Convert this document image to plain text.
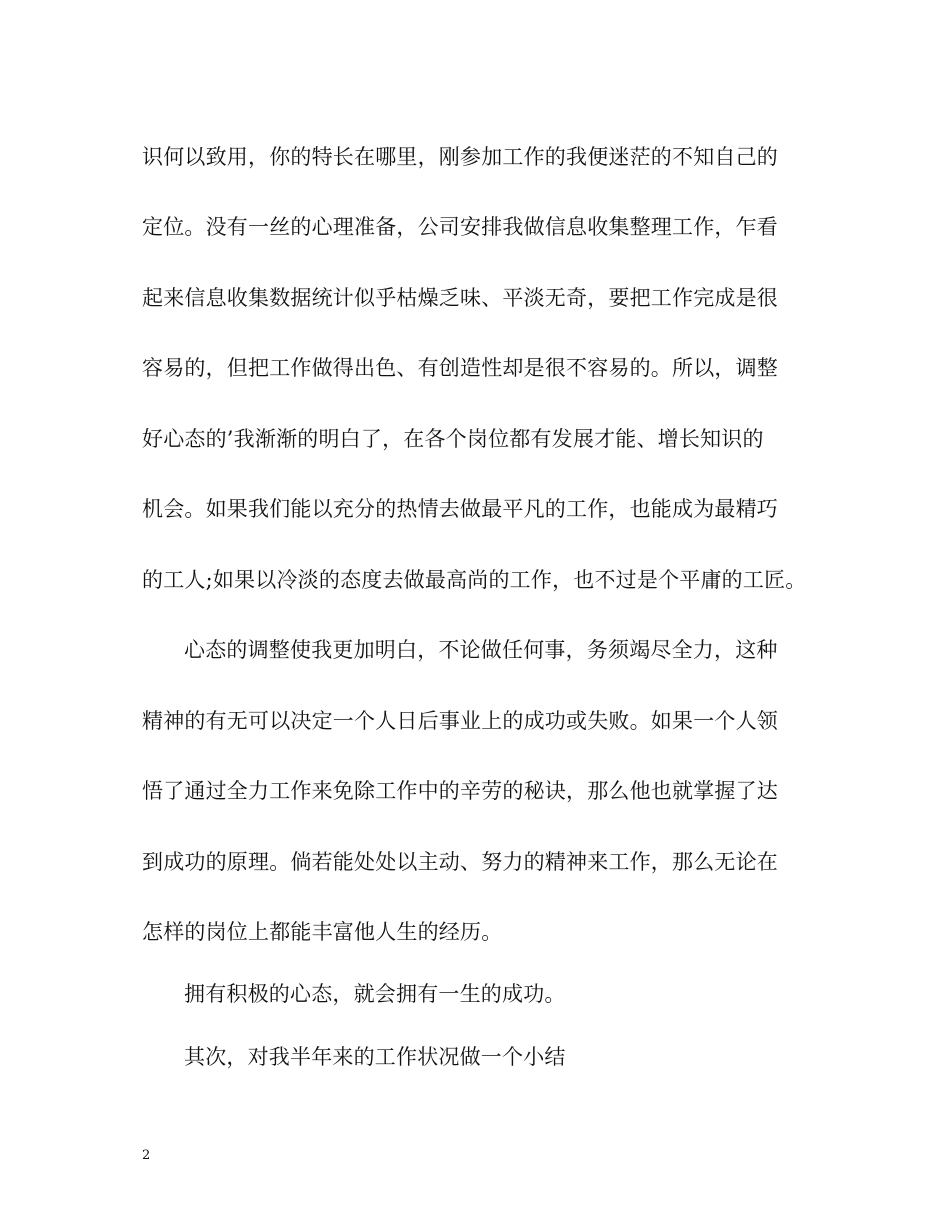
识何以致用，你的特长在哪里，刚参加工作的我便迷茫的不知自己的
定位。没有一丝的心理准备，公司安排我做信息收集整理工作，乍看
起来信息收集数据统计似乎枯燥乏味、平淡无奇，要把工作完成是很
容易的，但把工作做得出色、有创造性却是很不容易的。所以，调整
好心态的’我渐渐的明白了，在各个岗位都有发展才能、增长知识的
机会。如果我们能以充分的热情去做最平凡的工作，也能成为最精巧
的工人;如果以冷淡的态度去做最高尚的工作，也不过是个平庸的工匠。
心态的调整使我更加明白，不论做任何事，务须竭尽全力，这种
精神的有无可以决定一个人日后事业上的成功或失败。如果一个人领
悟了通过全力工作来免除工作中的辛劳的秘诀，那么他也就掌握了达
到成功的原理。倘若能处处以主动、努力的精神来工作，那么无论在
怎样的岗位上都能丰富他人生的经历。
拥有积极的心态，就会拥有一生的成功。
其次，对我半年来的工作状况做一个小结
2
